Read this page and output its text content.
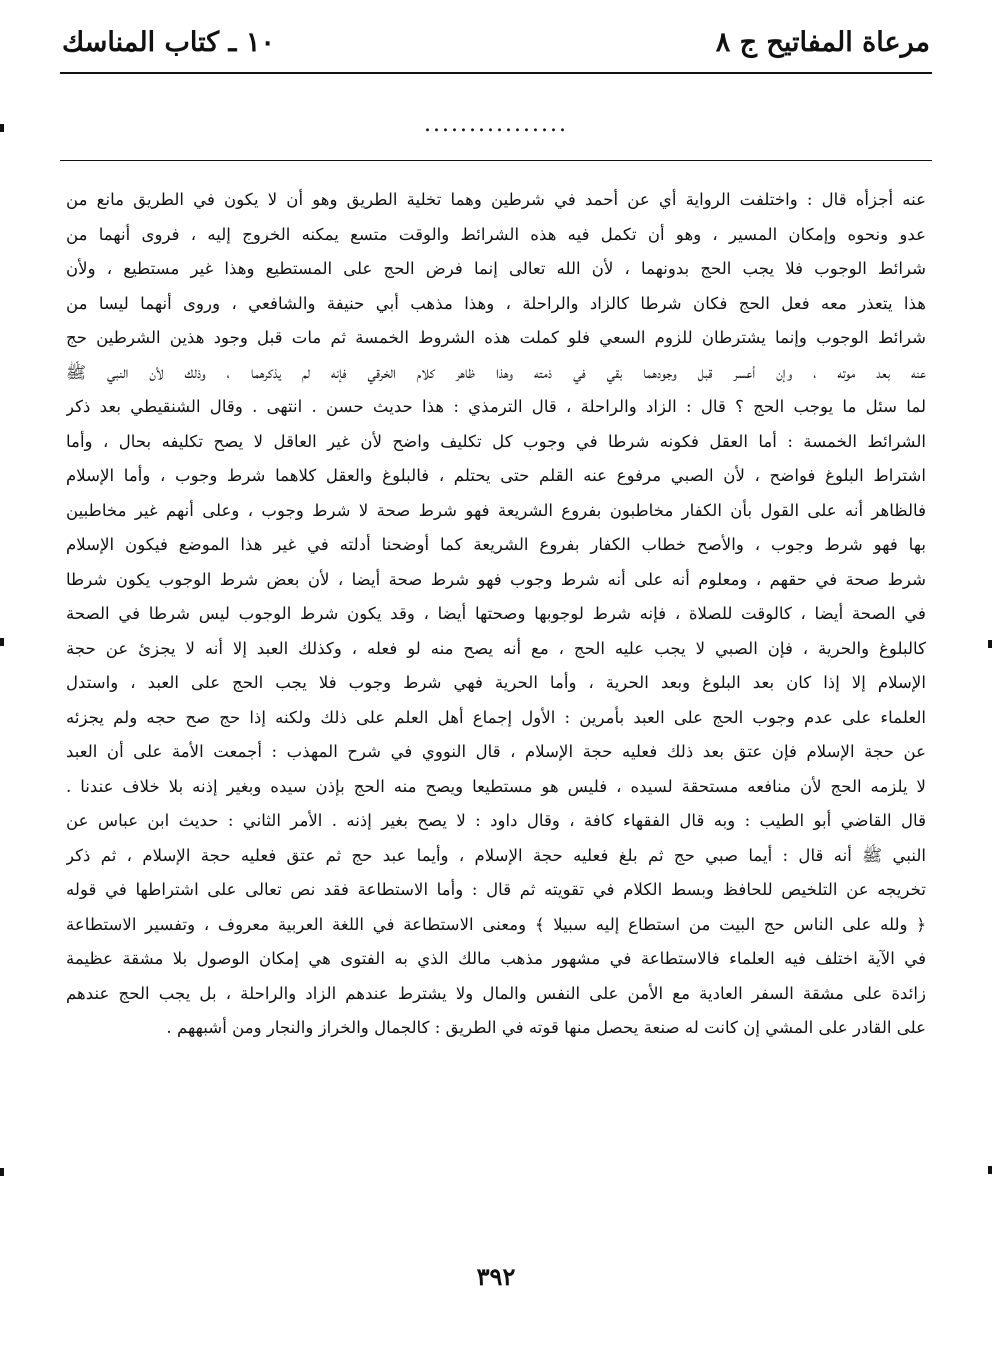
مرعاة المفاتيح ج ٨
١٠ ـ كتاب المناسك
................
عنه أجزأه قال : واختلفت الرواية أي عن أحمد في شرطين وهما تخلية الطريق وهو أن لا يكون في الطريق مانع من
عدو ونحوه وإمكان المسير ، وهو أن تكمل فيه هذه الشرائط والوقت متسع يمكنه الخروج إليه ، فروى أنهما من
شرائط الوجوب فلا يجب الحج بدونهما ، لأن الله تعالى إنما فرض الحج على المستطيع وهذا غير مستطيع ، ولأن
هذا يتعذر معه فعل الحج فكان شرطا كالزاد والراحلة ، وهذا مذهب أبي حنيفة والشافعي ، وروى أنهما ليسا من
شرائط الوجوب وإنما يشترطان للزوم السعي فلو كملت هذه الشروط الخمسة ثم مات قبل وجود هذين الشرطين حج
عنه بعد موته ، وإن أعسر قبل وجودهما بقي في ذمته وهذا ظاهر كلام الخرقي فإنه لم يذكرهما ، وذلك لأن النبي ﷺ
لما سئل ما يوجب الحج ؟ قال : الزاد والراحلة ، قال الترمذي : هذا حديث حسن . انتهى . وقال الشنقيطي بعد ذكر
الشرائط الخمسة : أما العقل فكونه شرطا في وجوب كل تكليف واضح لأن غير العاقل لا يصح تكليفه بحال ، وأما
اشتراط البلوغ فواضح ، لأن الصبي مرفوع عنه القلم حتى يحتلم ، فالبلوغ والعقل كلاهما شرط وجوب ، وأما الإسلام
فالظاهر أنه على القول بأن الكفار مخاطبون بفروع الشريعة فهو شرط صحة لا شرط وجوب ، وعلى أنهم غير مخاطبين
بها فهو شرط وجوب ، والأصح خطاب الكفار بفروع الشريعة كما أوضحنا أدلته في غير هذا الموضع فيكون الإسلام
شرط صحة في حقهم ، ومعلوم أنه على أنه شرط وجوب فهو شرط صحة أيضا ، لأن بعض شرط الوجوب يكون شرطا
في الصحة أيضا ، كالوقت للصلاة ، فإنه شرط لوجوبها وصحتها أيضا ، وقد يكون شرط الوجوب ليس شرطا في الصحة
كالبلوغ والحرية ، فإن الصبي لا يجب عليه الحج ، مع أنه يصح منه لو فعله ، وكذلك العبد إلا أنه لا يجزئ عن حجة
الإسلام إلا إذا كان بعد البلوغ وبعد الحرية ، وأما الحرية فهي شرط وجوب فلا يجب الحج على العبد ، واستدل
العلماء على عدم وجوب الحج على العبد بأمرين : الأول إجماع أهل العلم على ذلك ولكنه إذا حج صح حجه ولم يجزئه
عن حجة الإسلام فإن عتق بعد ذلك فعليه حجة الإسلام ، قال النووي في شرح المهذب : أجمعت الأمة على أن العبد
لا يلزمه الحج لأن منافعه مستحقة لسيده ، فليس هو مستطيعا ويصح منه الحج بإذن سيده وبغير إذنه بلا خلاف عندنا .
قال القاضي أبو الطيب : وبه قال الفقهاء كافة ، وقال داود : لا يصح بغير إذنه . الأمر الثاني : حديث ابن عباس عن
النبي ﷺ أنه قال : أيما صبي حج ثم بلغ فعليه حجة الإسلام ، وأيما عبد حج ثم عتق فعليه حجة الإسلام ، ثم ذكر
تخريجه عن التلخيص للحافظ وبسط الكلام في تقويته ثم قال : وأما الاستطاعة فقد نص تعالى على اشتراطها في قوله
﴿ ولله على الناس حج البيت من استطاع إليه سبيلا ﴾ ومعنى الاستطاعة في اللغة العربية معروف ، وتفسير الاستطاعة
في الآية اختلف فيه العلماء فالاستطاعة في مشهور مذهب مالك الذي به الفتوى هي إمكان الوصول بلا مشقة عظيمة
زائدة على مشقة السفر العادية مع الأمن على النفس والمال ولا يشترط عندهم الزاد والراحلة ، بل يجب الحج عندهم
على القادر على المشي إن كانت له صنعة يحصل منها قوته في الطريق : كالجمال والخراز والنجار ومن أشبههم .
٣٩٢
